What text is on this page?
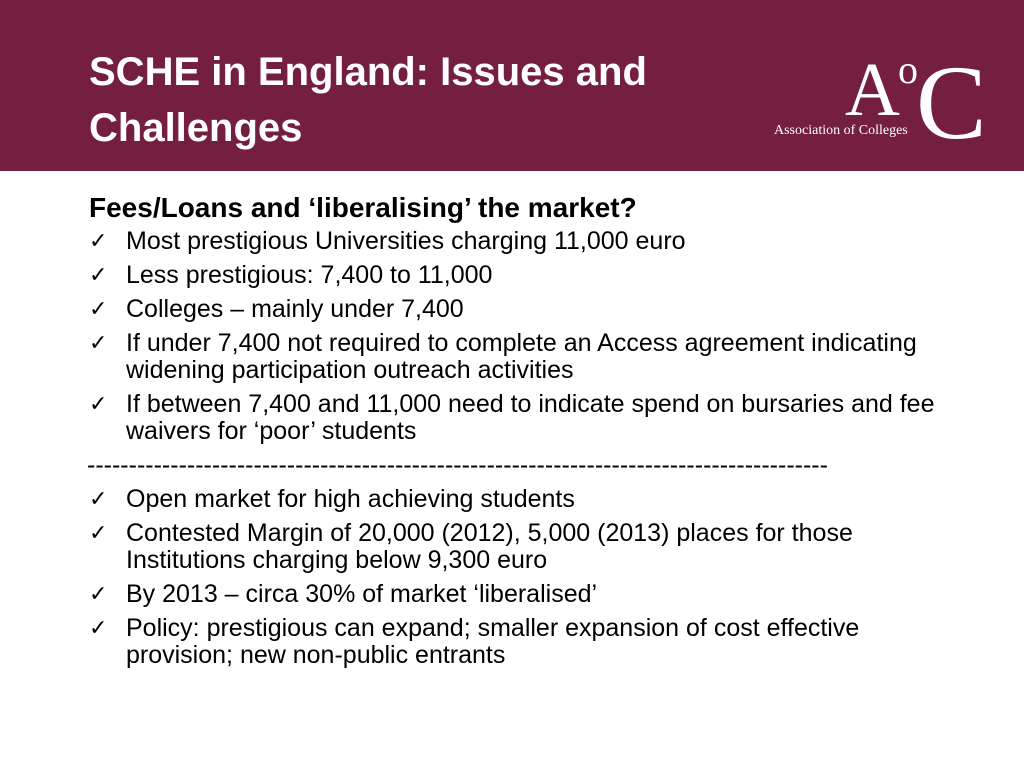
SCHE in England: Issues and Challenges	A
o
C
Association of Colleges
Fees/Loans and ‘liberalising’ the market?
✓ Most prestigious Universities charging 11,000 euro
✓ Less prestigious: 7,400 to 11,000
✓ Colleges – mainly under 7,400
✓ If under 7,400 not required to complete an Access agreement indicating widening participation outreach activities
✓ If between 7,400 and 11,000 need to indicate spend on bursaries and fee waivers for ‘poor’ students
-----------------------------------------------------------------------------------------
✓ Open market for high achieving students
✓ Contested Margin of 20,000 (2012), 5,000 (2013) places for those Institutions charging below 9,300 euro
✓ By 2013 – circa 30% of market ‘liberalised’
✓ Policy: prestigious can expand; smaller expansion of cost effective provision; new non-public entrants
